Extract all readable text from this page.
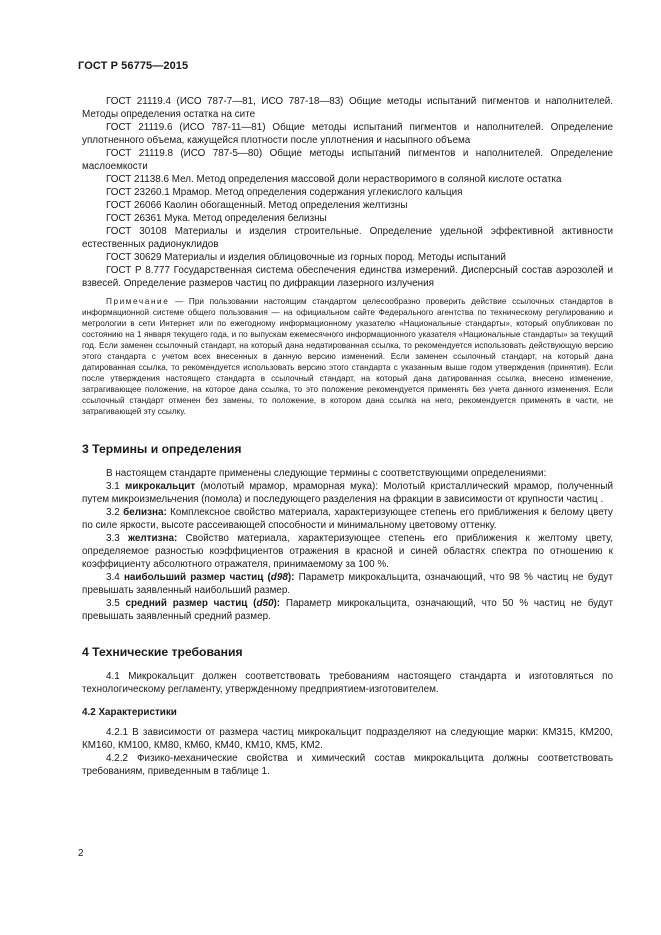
ГОСТ Р 56775—2015

ГОСТ 21119.4 (ИСО 787-7—81, ИСО 787-18—83) Общие методы испытаний пигментов и наполнителей. Методы определения остатка на сите

ГОСТ 21119.6 (ИСО 787-11—81) Общие методы испытаний пигментов и наполнителей. Определение уплотненного объема, кажущейся плотности после уплотнения и насыпного объема

ГОСТ 21119.8 (ИСО 787-5—80) Общие методы испытаний пигментов и наполнителей. Определение маслоемкости

ГОСТ 21138.6 Мел. Метод определения массовой доли нерастворимого в соляной кислоте остатка

ГОСТ 23260.1 Мрамор. Метод определения содержания углекислого кальция

ГОСТ 26066 Каолин обогащенный. Метод определения желтизны

ГОСТ 26361 Мука. Метод определения белизны

ГОСТ 30108 Материалы и изделия строительные. Определение удельной эффективной активности естественных радионуклидов

ГОСТ 30629 Материалы и изделия облицовочные из горных пород. Методы испытаний

ГОСТ Р 8.777 Государственная система обеспечения единства измерений. Дисперсный состав аэрозолей и взвесей. Определение размеров частиц по дифракции лазерного излучения

Примечание — При пользовании настоящим стандартом целесообразно проверить действие ссылочных стандартов в информационной системе общего пользования — на официальном сайте Федерального агентства по техническому регулированию и метрологии в сети Интернет или по ежегодному информационному указателю «Национальные стандарты», который опубликован по состоянию на 1 января текущего года, и по выпускам ежемесячного информационного указателя «Национальные стандарты» за текущий год. Если заменен ссылочный стандарт, на который дана недатированная ссылка, то рекомендуется использовать действующую версию этого стандарта с учетом всех внесенных в данную версию изменений. Если заменен ссылочный стандарт, на который дана датированная ссылка, то рекомендуется использовать версию этого стандарта с указанным выше годом утверждения (принятия). Если после утверждения настоящего стандарта в ссылочный стандарт, на который дана датированная ссылка, внесено изменение, затрагивающее положение, на которое дана ссылка, то это положение рекомендуется применять без учета данного изменения. Если ссылочный стандарт отменен без замены, то положение, в котором дана ссылка на него, рекомендуется применять в части, не затрагивающей эту ссылку.
3 Термины и определения

В настоящем стандарте применены следующие термины с соответствующими определениями:

3.1 микрокальцит (молотый мрамор, мраморная мука): Молотый кристаллический мрамор, полученный путем микроизмельчения (помола) и последующего разделения на фракции в зависимости от крупности частиц .

3.2 белизна: Комплексное свойство материала, характеризующее степень его приближения к белому цвету по силе яркости, высоте рассеивающей способности и минимальному цветовому оттенку.

3.3 желтизна: Свойство материала, характеризующее степень его приближения к желтому цвету, определяемое разностью коэффициентов отражения в красной и синей областях спектра по отношению к коэффициенту абсолютного отражателя, принимаемому за 100 %.

3.4 наибольший размер частиц (d98): Параметр микрокальцита, означающий, что 98 % частиц не будут превышать заявленный наибольший размер.

3.5 средний размер частиц (d50): Параметр микрокальцита, означающий, что 50 % частиц не будут превышать заявленный средний размер.

4 Технические требования

4.1 Микрокальцит должен соответствовать требованиям настоящего стандарта и изготовляться по технологическому регламенту, утвержденному предприятием-изготовителем.

4.2 Характеристики

4.2.1 В зависимости от размера частиц микрокальцит подразделяют на следующие марки: КМ315, КМ200, КМ160, КМ100, КМ80, КМ60, КМ40, КМ10, КМ5, КМ2.

4.2.2 Физико-механические свойства и химический состав микрокальцита должны соответствовать требованиям, приведенным в таблице 1.

2
